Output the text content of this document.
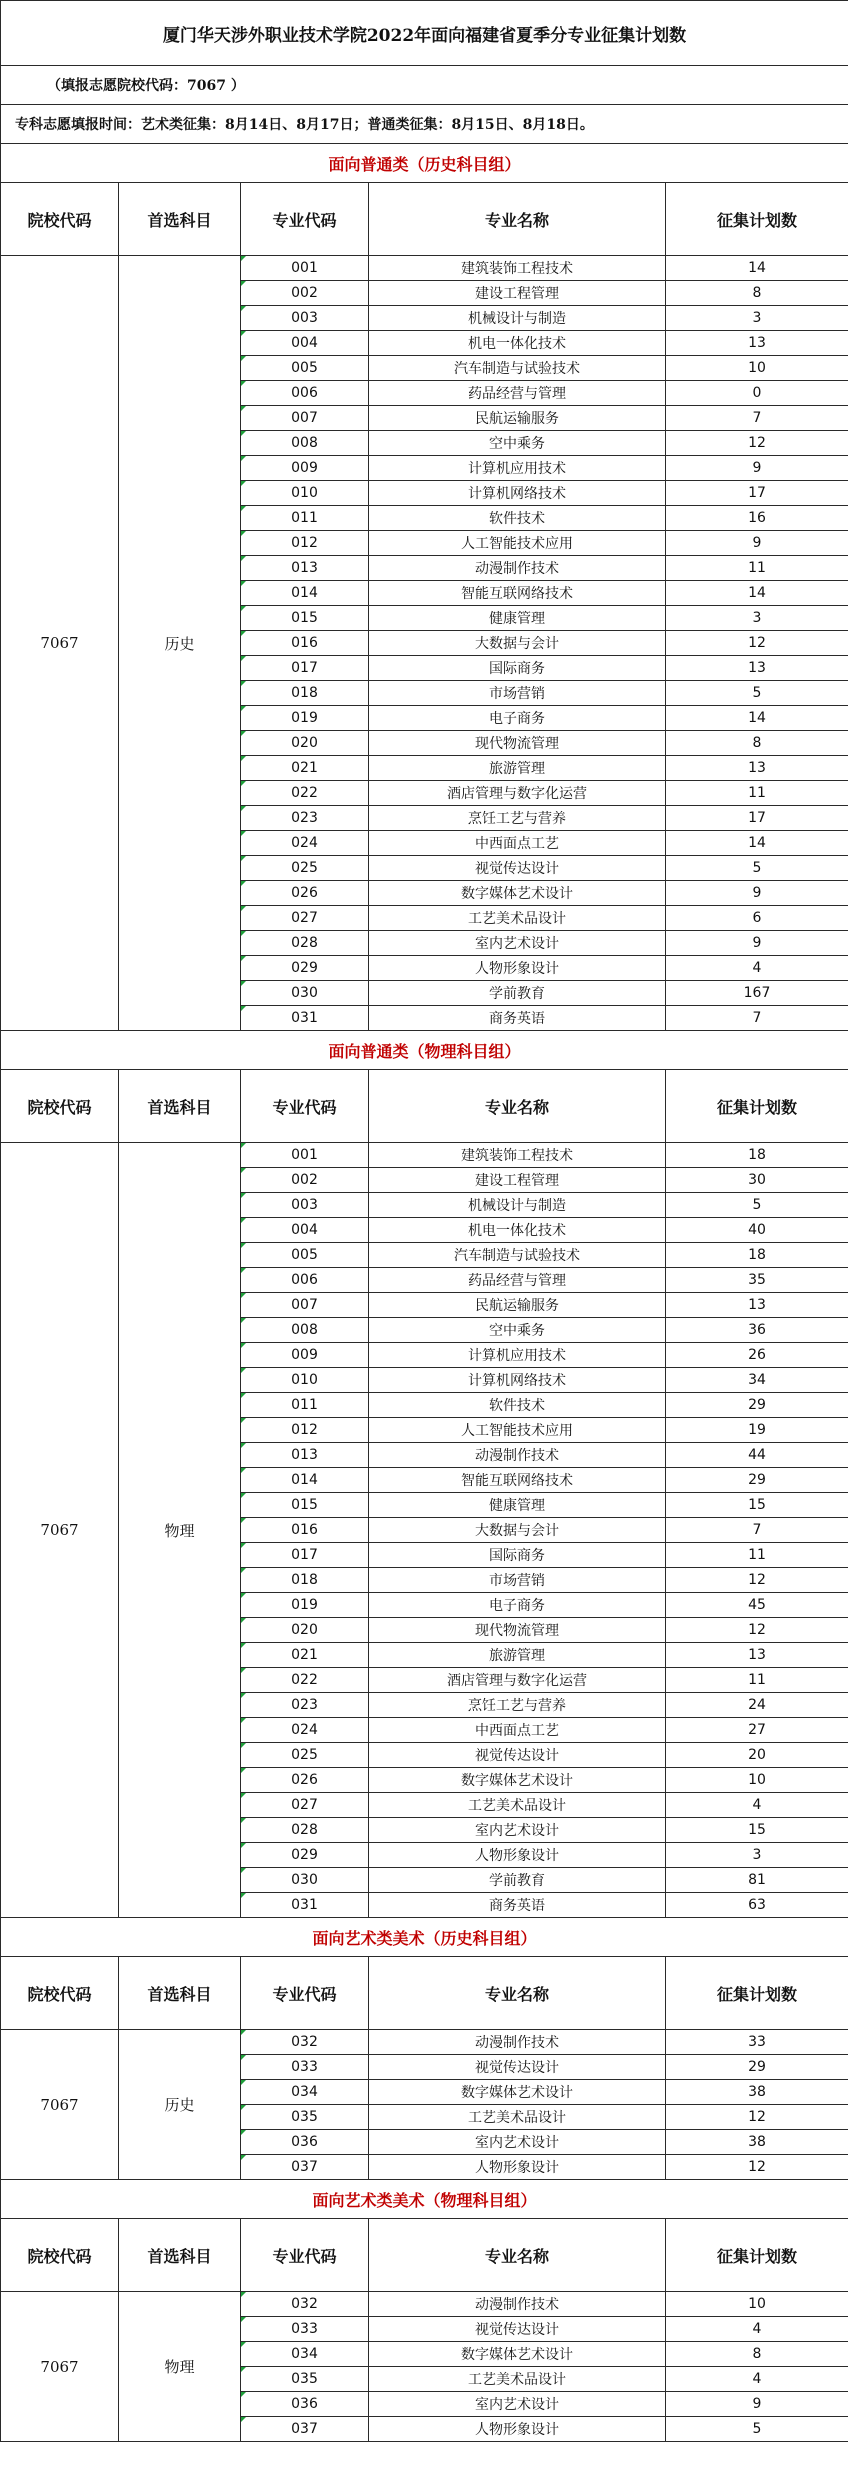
厦门华天涉外职业技术学院2022年面向福建省夏季分专业征集计划数				
（填报志愿院校代码：7067 ）				
专科志愿填报时间：艺术类征集：8月14日、8月17日；普通类征集：8月15日、8月18日。				
面向普通类（历史科目组）				
院校代码	首选科目	专业代码	专业名称	征集计划数
7067	历史	001	建筑装饰工程技术	14
		002	建设工程管理	8
		003	机械设计与制造	3
		004	机电一体化技术	13
		005	汽车制造与试验技术	10
		006	药品经营与管理	0
		007	民航运输服务	7
		008	空中乘务	12
		009	计算机应用技术	9
		010	计算机网络技术	17
		011	软件技术	16
		012	人工智能技术应用	9
		013	动漫制作技术	11
		014	智能互联网络技术	14
		015	健康管理	3
		016	大数据与会计	12
		017	国际商务	13
		018	市场营销	5
		019	电子商务	14
		020	现代物流管理	8
		021	旅游管理	13
		022	酒店管理与数字化运营	11
		023	烹饪工艺与营养	17
		024	中西面点工艺	14
		025	视觉传达设计	5
		026	数字媒体艺术设计	9
		027	工艺美术品设计	6
		028	室内艺术设计	9
		029	人物形象设计	4
		030	学前教育	167
		031	商务英语	7
面向普通类（物理科目组）				
院校代码	首选科目	专业代码	专业名称	征集计划数
7067	物理	001	建筑装饰工程技术	18
		002	建设工程管理	30
		003	机械设计与制造	5
		004	机电一体化技术	40
		005	汽车制造与试验技术	18
		006	药品经营与管理	35
		007	民航运输服务	13
		008	空中乘务	36
		009	计算机应用技术	26
		010	计算机网络技术	34
		011	软件技术	29
		012	人工智能技术应用	19
		013	动漫制作技术	44
		014	智能互联网络技术	29
		015	健康管理	15
		016	大数据与会计	7
		017	国际商务	11
		018	市场营销	12
		019	电子商务	45
		020	现代物流管理	12
		021	旅游管理	13
		022	酒店管理与数字化运营	11
		023	烹饪工艺与营养	24
		024	中西面点工艺	27
		025	视觉传达设计	20
		026	数字媒体艺术设计	10
		027	工艺美术品设计	4
		028	室内艺术设计	15
		029	人物形象设计	3
		030	学前教育	81
		031	商务英语	63
面向艺术类美术（历史科目组）				
院校代码	首选科目	专业代码	专业名称	征集计划数
7067	历史	032	动漫制作技术	33
		033	视觉传达设计	29
		034	数字媒体艺术设计	38
		035	工艺美术品设计	12
		036	室内艺术设计	38
		037	人物形象设计	12
面向艺术类美术（物理科目组）				
院校代码	首选科目	专业代码	专业名称	征集计划数
7067	物理	032	动漫制作技术	10
		033	视觉传达设计	4
		034	数字媒体艺术设计	8
		035	工艺美术品设计	4
		036	室内艺术设计	9
		037	人物形象设计	5
